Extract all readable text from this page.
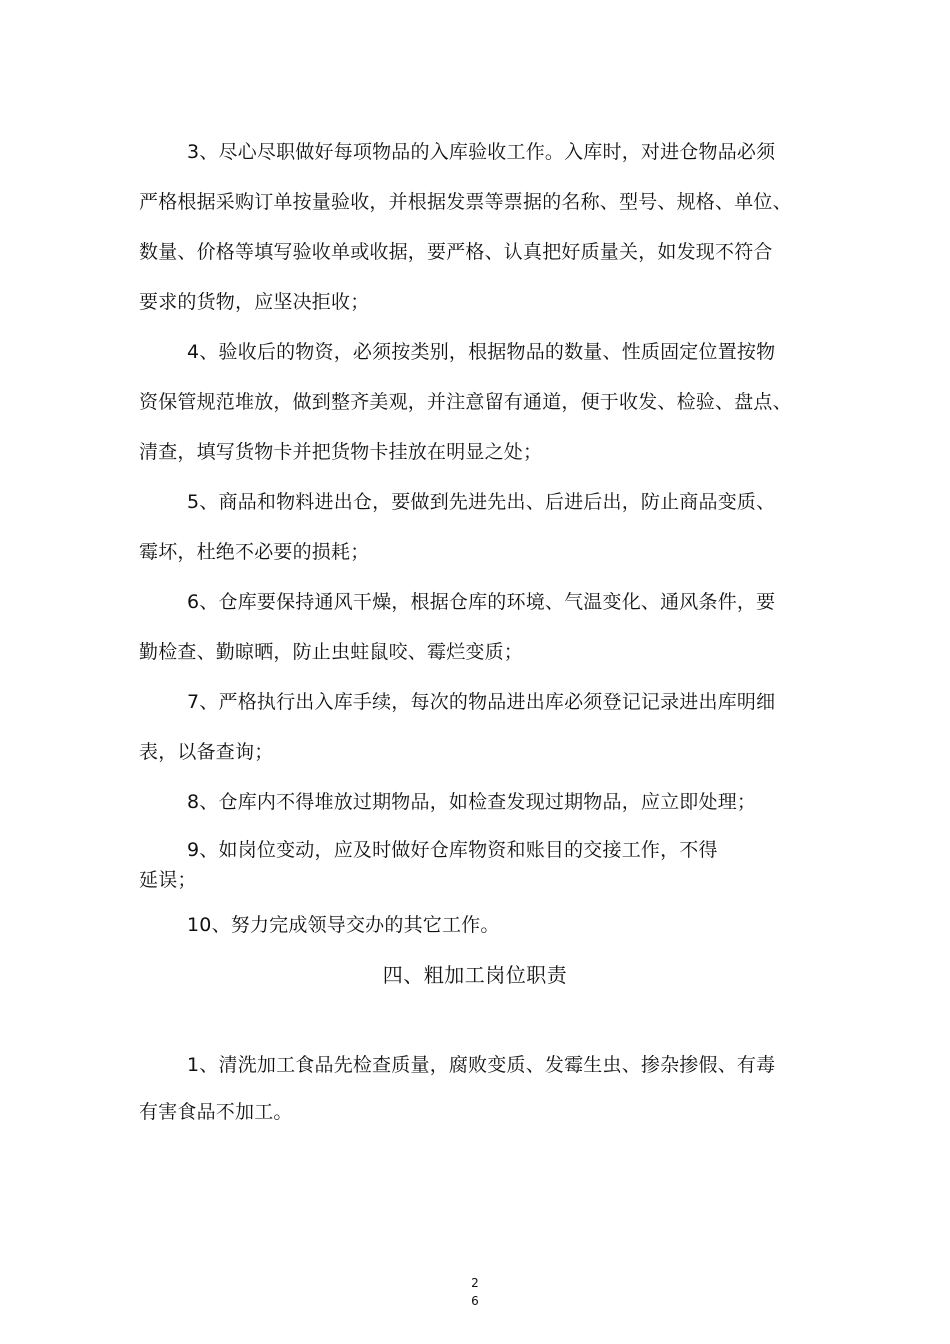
3、尽心尽职做好每项物品的入库验收工作。入库时，对进仓物品必须
严格根据采购订单按量验收，并根据发票等票据的名称、型号、规格、单位、
数量、价格等填写验收单或收据，要严格、认真把好质量关，如发现不符合
要求的货物，应坚决拒收；
4、验收后的物资，必须按类别，根据物品的数量、性质固定位置按物
资保管规范堆放，做到整齐美观，并注意留有通道，便于收发、检验、盘点、
清查，填写货物卡并把货物卡挂放在明显之处；
5、商品和物料进出仓，要做到先进先出、后进后出，防止商品变质、
霉坏，杜绝不必要的损耗；
6、仓库要保持通风干燥，根据仓库的环境、气温变化、通风条件，要
勤检查、勤晾晒，防止虫蛀鼠咬、霉烂变质；
7、严格执行出入库手续，每次的物品进出库必须登记记录进出库明细
表，以备查询；
8、仓库内不得堆放过期物品，如检查发现过期物品，应立即处理；
9、如岗位变动，应及时做好仓库物资和账目的交接工作，不得
延误；
10、努力完成领导交办的其它工作。
四、粗加工岗位职责
1、清洗加工食品先检查质量，腐败变质、发霉生虫、掺杂掺假、有毒
有害食品不加工。
2
6
